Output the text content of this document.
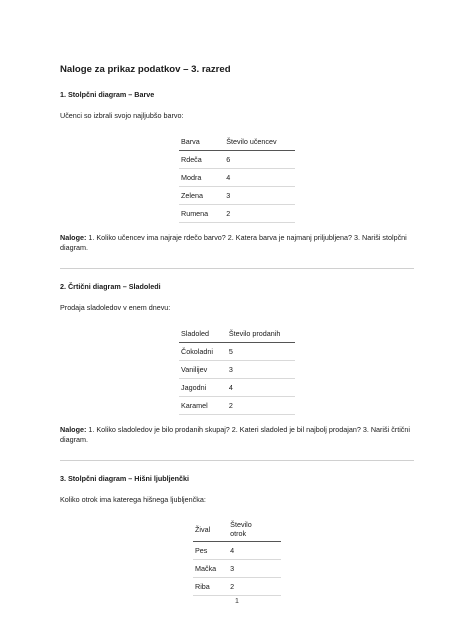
Naloge za prikaz podatkov – 3. razred
1. Stolpčni diagram – Barve
Učenci so izbrali svojo najljubšo barvo:
Barva	Število učencev
Rdeča	6
Modra	4
Zelena	3
Rumena	2
Naloge: 1. Koliko učencev ima najraje rdečo barvo? 2. Katera barva je najmanj priljubljena? 3. Nariši stolpčni diagram.
2. Črtični diagram – Sladoledi
Prodaja sladoledov v enem dnevu:
Sladoled	Število prodanih
Čokoladni	5
Vanilijev	3
Jagodni	4
Karamel	2
Naloge: 1. Koliko sladoledov je bilo prodanih skupaj? 2. Kateri sladoled je bil najbolj prodajan? 3. Nariši črtični diagram.
3. Stolpčni diagram – Hišni ljubljenčki
Koliko otrok ima katerega hišnega ljubljenčka:
Žival	Število otrok
Pes	4
Mačka	3
Riba	2
1
